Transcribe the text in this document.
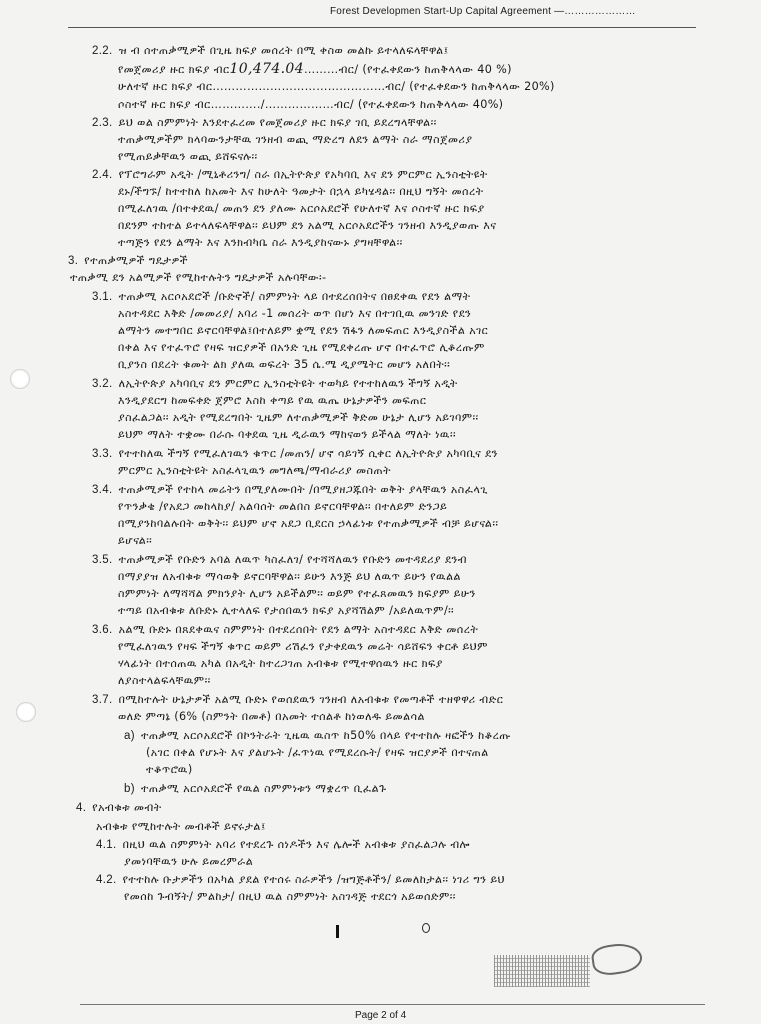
Forest Developmen Start-Up Capital Agreement —…………………
2.2. ዝ ብ ሰተጠቃሚዎች በጊዜ ክፍያ መሰረት በሚ ቀስወ መልኩ ይተላለፍላቸዋል፤
የመጀመሪያ ዙር ክፍያ ብር10,474.04………ብር/ (የተፈቀደውን ከጠቅላላው 40 %)
ሁለተኛ ዙር ክፍያ ብር………………………………………ብር/ (የተፈቀደውን ከጠቅላላው 20%)
ሶስተኛ ዙር ክፍያ ብር…………./………………ብር/ (የተፈቀደውን ከጠቅላላው 40%)
2.3. ይህ ወል ስምምነት እንደተፈረመ የመጀመሪያ ዙር ክፍያ ገቢ ይደረግላቸዋል፡፡
ተጠቃሚዎችም ክላባውንታቸዉ ገንዘብ ወጪ ማድረግ ለደን ልማት ስራ ማስጀመሪያ
የሚጠይቃቸዉን ወጪ ይሸፍናሉ፡፡
2.4. የፕሮግራም አዲት /ሚኒቶሪንግ/ ስራ በኢትዮጵያ የአካባቢ እና ደን ምርምር ኢንስቲትዩት
ደኑ/ችግኙ/ ከተተከለ ከአመት እና ከሁለት ዓመታት በኋላ ይካሄዳል፡፡ በዚህ ግኝት መሰረት
በሚፈለገዉ /በተቀደዉ/ መጠን ደን ያለሙ አርሶአደሮች የሁለተኛ እና ሶስተኛ ዙር ክፍያ
በደንም ተከተል ይተላለፍላቸዋል፡፡ ይህም ደን አልሚ አርሶአደሮችን ገንዘብ እንዲያወጡ እና
ተጣጅን የደን ልማት እና እንክብካቤ ስራ እንዲያከናውኑ ያግዛቸዋል፡፡
3. የተጠቃሚዎች ግዴታዎች
ተጠቃሚ ደን አልሚዎች የሚከተሉትን ግዴታዎች አሉባቸው፡-
3.1. ተጠቃሚ አርሶአደሮች /ቡድኖች/ ስምምነት ላይ በተደረሰበትና በፀደቀዉ የደን ልማት
አስተዳደር እቅድ /መመሪያ/ አባሪ -1 መሰረት ወጥ በሆነ እና በተገቢዉ መንገድ የደን
ልማትን መተግበር ይኖርባቸዋል፤በተለይም ቋሚ የደን ሽፋን ለመፍጠር እንዲያስችል አገር
በቀል እና የተፈጥሮ የዛፍ ዝርያዎች በአንድ ጊዜ የሚደቀረጡ ሆኖ በተፈጥሮ ሊቆረጡም
ቢያንስ በደረት ቁመት ልክ ያለዉ ወፍረት 35 ሴ.ሜ ዲያሜትር መሆን አለበት፡፡
3.2. ለኢትዮጵያ አካባቢና ደን ምርምር ኢንስቲትዩት ተወካይ የተተከለዉን ችግኝ አዲት
እንዲያደርግ ከመፍቀድ ጀምሮ እስከ ቀጣይ የዉ ዉጤ ሁኔታዎችን መፍጠር
ያስፈልጋል፡፡ አዲት የሚደረግበት ጊዜም ለተጠቃሚዎች ቅድመ ሁኔታ ሊሆን አይገባም፡፡
ይህም ማለት ተቋሙ በራሱ ባቀደዉ ጊዜ ዲራዉን ማከናወን ይችላል ማለት ነዉ፡፡
3.3. የተተከለዉ ችግኝ የሚፈለገዉን ቁጥር /መጠን/ ሆኖ ሳይገኝ ሲቀር ለኢትዮጵያ አካባቢና ደን
ምርምር ኢንስቲትዩት አስፈላጊዉን መግለጫ/ማብራሪያ መስጠት
3.4. ተጠቃሚዎች የተከላ መሬትን በሚያለሙበት /በሚያዘጋጁበት ወቅት ያላቸዉን አስፈላጊ
የጥንቃቄ /የአደጋ መከላከያ/ አልባሰት መልበስ ይኖርባቸዋል፡፡ በተለይም ድንጋይ
በሚያንከባልሉበት ወቅት፡፡ ይህም ሆኖ አደጋ ቢደርስ ኃላፊነቱ የተጠቃሚዎች ብቻ ይሆናል፡፡
ይሆናል፡፡
3.5. ተጠቃሚዎች የቡድን አባል ለዉጥ ካስፈለገ/ የተሻሻለዉን የቡድን መተዳደሪያ ደንብ
በማያያዝ ለአብቁቱ ማሳወቅ ይኖርባቸዋል፡፡ ይሁን እንጅ ይህ ለዉጥ ይሁን የዉልል
ስምምነት ለማሻሻል ምክንያት ሊሆን አይችልም፡፡ ወይም የተፈጸመዉን ክፍያም ይሁን
ተጣይ በአብቁቱ ለቡድኑ ሊተላለፍ የታሰበዉን ክፍያ አያሻሽልም /አይለዉጥም/፡፡
3.6. አልሚ ቡድኑ በጸደቀዉና ስምምነት በተደረሰበት የደን ልማት አስተዳደር እቅድ መሰረት
የሚፈለገዉን የዛፍ ችግኝ ቁጥር ወይም ሪሽፈን የታቀደዉን መሬት ሳይሸፍን ቀርቶ ይህም
ሃላፊነት በተሰጠዉ አካል በአዲት ከተረጋገጠ አብቁቱ የሚተዋሰዉን ዙር ክፍያ
ለያስተላልፍላቸዉም፡፡
3.7. በሚከተሉት ሁኔታዎች አልሚ ቡድኑ የወሰደዉን ገንዘብ ለአብቁቱ የመጣቶች ተዘዋዋሪ ብድር
ወለድ ምጣኔ (6% (ስምንት በመቶ) በአመት ተሰልቶ ከነወለዱ ይመልሳል
a) ተጠቃሚ አርሶአደሮች በኮንትራት ጊዜዉ ዉስጥ ከ50% በላይ የተተከሉ ዛፎችን ከቆረጡ
(አገር በቀል የሆኑት እና ያልሆኑት /ፈጥነዉ የሚደረሱት/ የዛፍ ዝርያዎች በተናጠል
ተቆጥሮዉ)
b) ተጠቃሚ አርሶአደሮች የዉል ስምምነቱን ማቋረጥ ቢፈልጉ
4. የአብቁቱ መብት
አብቁቱ የሚከተሉት መብቶች ይኖሩታል፤
4.1. በዚህ ዉል ስምምነት አባሪ የተደረጉ ሰነዶችን እና ሌሎች አብቁቱ ያስፈልጋሉ ብሎ
ያመነባቸዉን ሁሉ ይመረምራል
4.2. የተተከሉ ቡታዎችን በአካል ያደል የተሰሩ ስራዎችን /ዝግጅቶችን/ ይመለከታል፡፡ ነገሪ ግን ይህ
የመሰከ ጉብኝት/ ምልከታ/ በዚህ ዉል ስምምነት አስገዳጅ ተደርጎ አይወሰድም፡፡
Page 2 of 4
